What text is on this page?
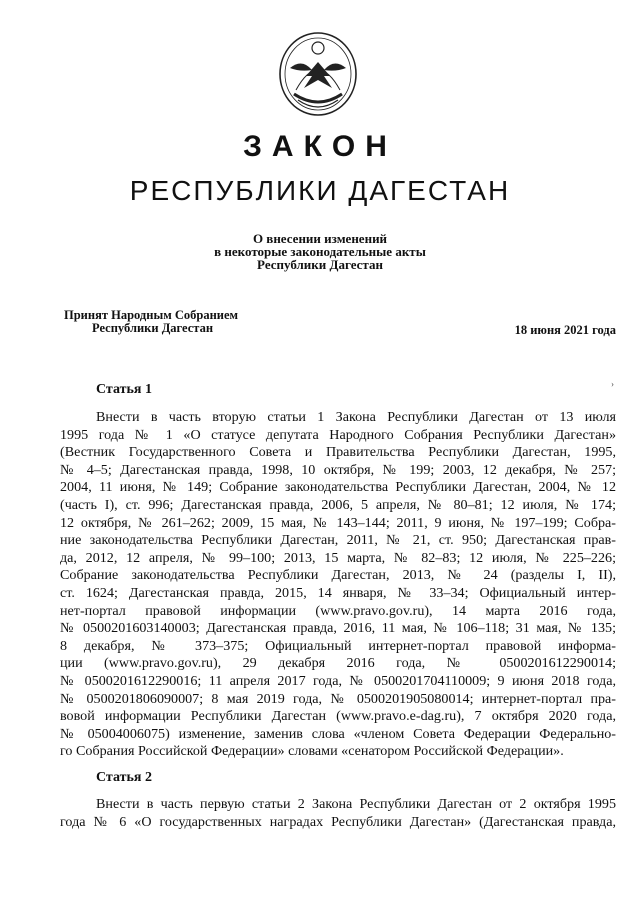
ЗАКОН
РЕСПУБЛИКИ ДАГЕСТАН
О внесении изменений
в некоторые законодательные акты
Республики Дагестан
Принят Народным Собранием
Республики Дагестан	18 июня 2021 года
›
Статья 1
Внести в часть вторую статьи 1 Закона Республики Дагестан от 13 июля
1995 года № 1 «О статусе депутата Народного Собрания Республики Дагестан»
(Вестник Государственного Совета и Правительства Республики Дагестан, 1995,
№ 4–5; Дагестанская правда, 1998, 10 октября, № 199; 2003, 12 декабря, № 257;
2004, 11 июня, № 149; Собрание законодательства Республики Дагестан, 2004, № 12
(часть I), ст. 996; Дагестанская правда, 2006, 5 апреля, № 80–81; 12 июля, № 174;
12 октября, № 261–262; 2009, 15 мая, № 143–144; 2011, 9 июня, № 197–199; Собра-
ние законодательства Республики Дагестан, 2011, № 21, ст. 950; Дагестанская прав-
да, 2012, 12 апреля, № 99–100; 2013, 15 марта, № 82–83; 12 июля, № 225–226;
Собрание законодательства Республики Дагестан, 2013, № 24 (разделы I, II),
ст. 1624; Дагестанская правда, 2015, 14 января, № 33–34; Официальный интер-
нет-портал правовой информации (www.pravo.gov.ru), 14 марта 2016 года,
№ 0500201603140003; Дагестанская правда, 2016, 11 мая, № 106–118; 31 мая, № 135;
8 декабря, № 373–375; Официальный интернет-портал правовой информа-
ции (www.pravo.gov.ru), 29 декабря 2016 года, № 0500201612290014;
№ 0500201612290016; 11 апреля 2017 года, № 0500201704110009; 9 июня 2018 года,
№ 0500201806090007; 8 мая 2019 года, № 0500201905080014; интернет-портал пра-
вовой информации Республики Дагестан (www.pravo.e-dag.ru), 7 октября 2020 года,
№ 05004006075) изменение, заменив слова «членом Совета Федерации Федерально-
го Собрания Российской Федерации» словами «сенатором Российской Федерации».
Статья 2
Внести в часть первую статьи 2 Закона Республики Дагестан от 2 октября 1995
года № 6 «О государственных наградах Республики Дагестан» (Дагестанская правда,
